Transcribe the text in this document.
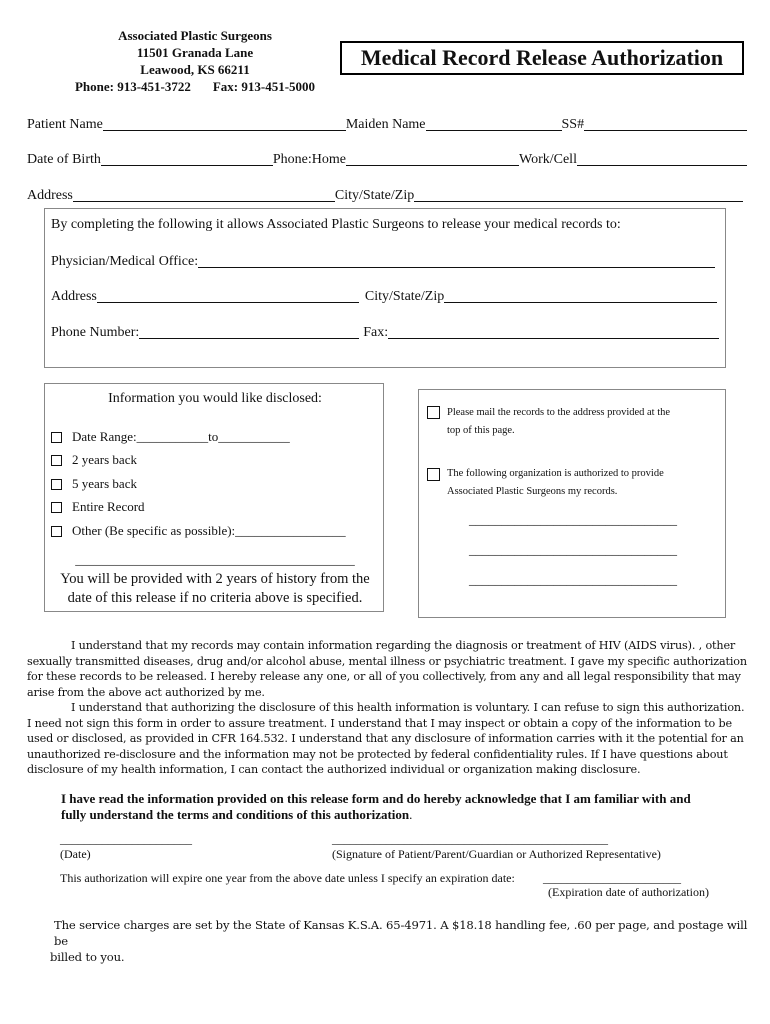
Associated Plastic Surgeons
11501 Granada Lane
Leawood, KS 66211
Phone: 913-451-3722 Fax: 913-451-5000
Medical Record Release Authorization
Patient Name	Maiden Name	SS#
Date of Birth	Phone:Home	Work/Cell
Address	City/State/Zip
By completing the following it allows Associated Plastic Surgeons to release your medical records to:
Physician/Medical Office:
Address	City/State/Zip
Phone Number:	Fax:
Information you would like disclosed:
Date Range:___________to___________
2 years back
5 years back
Entire Record
Other (Be specific as possible):_________________
___________________________________________
You will be provided with 2 years of history from the
date of this release if no criteria above is specified.
Please mail the records to the address provided at the
top of this page.
The following organization is authorized to provide
Associated Plastic Surgeons my records.
________________________________
________________________________
________________________________
I understand that my records may contain information regarding the diagnosis or treatment of HIV (AIDS virus). , other
sexually transmitted diseases, drug and/or alcohol abuse, mental illness or psychiatric treatment. I gave my specific authorization
for these records to be released. I hereby release any one, or all of you collectively, from any and all legal responsibility that may
arise from the above act authorized by me.
I understand that authorizing the disclosure of this health information is voluntary. I can refuse to sign this authorization.
I need not sign this form in order to assure treatment. I understand that I may inspect or obtain a copy of the information to be
used or disclosed, as provided in CFR 164.532. I understand that any disclosure of information carries with it the potential for an
unauthorized re-disclosure and the information may not be protected by federal confidentiality rules. If I have questions about
disclosure of my health information, I can contact the authorized individual or organization making disclosure.
I have read the information provided on this release form and do hereby acknowledge that I am familiar with and
fully understand the terms and conditions of this authorization.
______________________
(Date)
______________________________________________
(Signature of Patient/Parent/Guardian or Authorized Representative)
This authorization will expire one year from the above date unless I specify an expiration date: _______________________
(Expiration date of authorization)
The service charges are set by the State of Kansas K.S.A. 65-4971. A $18.18 handling fee, .60 per page, and postage will be
billed to you.
